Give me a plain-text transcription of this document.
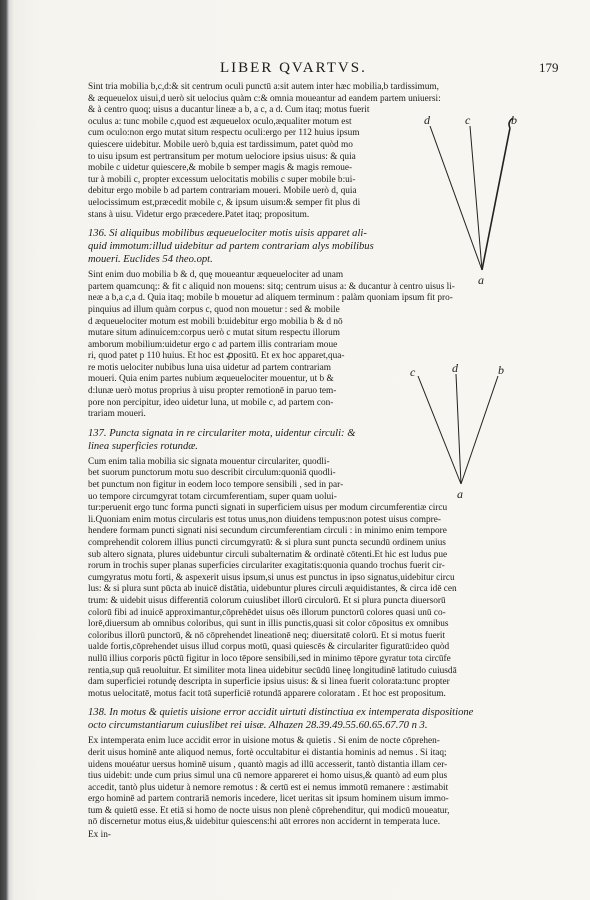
LIBER QVARTVS.	179

Sint tria mobilia b,c,d:& sit centrum oculi punctū a:sit autem inter hæc mobilia,b tardissimum,
& æqueuelox uisui,d uerò sit uelocius quàm c:& omnia moueantur ad eandem partem uniuersi:
& à centro quoq; uisus a ducantur lineæ a b, a c, a d. Cum itaq; motus fuerit
oculus a: tunc mobile c,quod est æqueuelox oculo,æqualiter motum est
cum oculo:non ergo mutat situm respectu oculi:ergo per 112 huius ipsum
quiescere uidebitur. Mobile uerò b,quia est tardissimum, patet quòd mo
to uisu ipsum est pertransitum per motum uelociore ipsius uisus: & quia
mobile c uidetur quiescere,& mobile b semper magis & magis remoue-
tur à mobili c, propter excessum uelocitatis mobilis c super mobile b:ui-
debitur ergo mobile b ad partem contrariam moueri. Mobile uerò d, quia
uelocissimum est,præcedit mobile c, & ipsum uisum:& semper fit plus di
stans à uisu. Videtur ergo præcedere.Patet itaq; propositum.

136. Si aliquibus mobilibus æqueuelociter motis uisis apparet ali-
quid immotum:illud uidebitur ad partem contrariam alys mobilibus
moueri. Euclides 54 theo.opt.

Sint enim duo mobilia b & d, quę moueantur æqueuelociter ad unam
partem quamcunq;: & fit c aliquid non mouens: sitq; centrum uisus a: & ducantur à centro uisus li-
neæ a b,a c,a d. Quia itaq; mobile b mouetur ad aliquem terminum : palàm quoniam ipsum fit pro-
pinquius ad illum quàm corpus c, quod non mouetur : sed & mobile
d æqueuelociter motum est mobili b:uidebitur ergo mobilia b & d nō
mutare situm adinuicem:corpus uerò c mutat situm respectu illorum
amborum mobilium:uidetur ergo c ad partem illis contrariam moue
ri, quod patet p 110 huius. Et hoc est ꝓpositū. Et ex hoc apparet,qua-
re motis uelociter nubibus luna uisa uidetur ad partem contrariam
moueri. Quia enim partes nubium æqueuelociter mouentur, ut b &
d:lunæ uerò motus proprius à uisu propter remotionē in paruo tem-
pore non percipitur, ideo uidetur luna, ut mobile c, ad partem con-
trariam moueri.

137. Puncta signata in re circulariter mota, uidentur circuli: &
linea superficies rotundæ.

Cum enim talia mobilia sic signata mouentur circulariter, quodli-
bet suorum punctorum motu suo describit circulum:quoniā quodli-
bet punctum non figitur in eodem loco tempore sensibili , sed in par-
uo tempore circumgyrat totam circumferentiam, super quam uolui-
tur:peruenit ergo tunc forma puncti signati in superficiem uisus per modum circumferentiæ circu
li.Quoniam enim motus circularis est totus unus,non diuidens tempus:non potest uisus compre-
hendere formam puncti signati nisi secundum circumferentiam circuli : in minimo enim tempore
comprehendit colorem illius puncti circumgyratū: & si plura sunt puncta secundū ordinem unius
sub altero signata, plures uidebuntur circuli subalternatim & ordinatè cōtenti.Et hic est ludus pue
rorum in trochis super planas superficies circulariter exagitatis:quonia quando trochus fuerit cir-
cumgyratus motu forti, & aspexerit uisus ipsum,si unus est punctus in ipso signatus,uidebitur circu
lus: & si plura sunt pūcta ab inuicē distātia, uidebuntur plures circuli æquidistantes, & circa idē cen
trum: & uidebit uisus differentiā colorum cuiuslibet illorū circulorū. Et si plura puncta diuersorū
colorū fibi ad inuicē approximantur,cōprehēdet uisus oēs illorum punctorū colores quasi unū co-
lorē,diuersum ab omnibus coloribus, qui sunt in illis punctis,quasi sit color cōpositus ex omnibus
coloribus illorū punctorū, & nō cōprehendet lineationē neq; diuersitatē colorū. Et si motus fuerit
ualde fortis,cōprehendet uisus illud corpus motū, quasi quiescēs & circulariter figuratū:ideo quòd
nullū illius corporis pūctū figitur in loco tēpore sensibili,sed in minimo tēpore gyratur tota circūfe
rentia,sup quā reuoluitur. Et similiter mota linea uidebitur secūdū lineę longitudinē latitudo cuiusdā
dam superficiei rotundę descripta in superficie ipsius uisus: & si linea fuerit colorata:tunc propter
motus uelocitatē, motus facit totā superficiē rotundā apparere coloratam . Et hoc est propositum.

138. In motus & quietis uisione error accidit uirtuti distinctiua ex intemperata dispositione
octo circumstantiarum cuiuslibet rei uisæ. Alhazen 28.39.49.55.60.65.67.70 n 3.

Ex intemperata enim luce accidit error in uisione motus & quietis . Si enim de nocte cōprehen-
derit uisus hominē ante aliquod nemus, fortè occultabitur ei distantia hominis ad nemus . Si itaq;
uidens mouéatur uersus hominē uisum , quantò magis ad illū accesserit, tantò distantia illam cer-
tius uidebit: unde cum prius simul una cū nemore appareret ei homo uisus,& quantò ad eum plus
accedit, tantò plus uidetur à nemore remotus : & certū est ei nemus immotū remanere : æstimabit
ergo hominē ad partem contrariā nemoris incedere, licet ueritas sit ipsum hominem uisum immo-
tum & quietū esse. Et etiā si homo de nocte uisus non plenè cōprehenditur, qui modicū moueatur,
nō discernetur motus eius,& uidebitur quiescens:hi aūt errores non accidernt in temperata luce.

Ex in-

d	c	b
a
c	d	b
a
